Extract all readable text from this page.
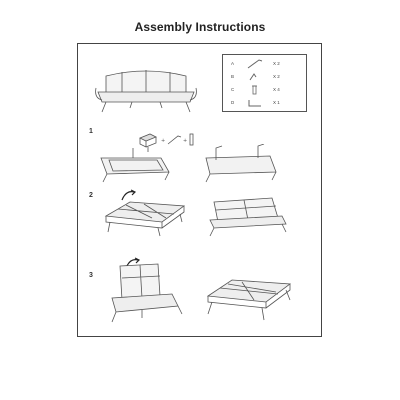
Assembly Instructions
A	X 2
B	X 2
C	X 4
D	X 1
1
+	+
2
3
